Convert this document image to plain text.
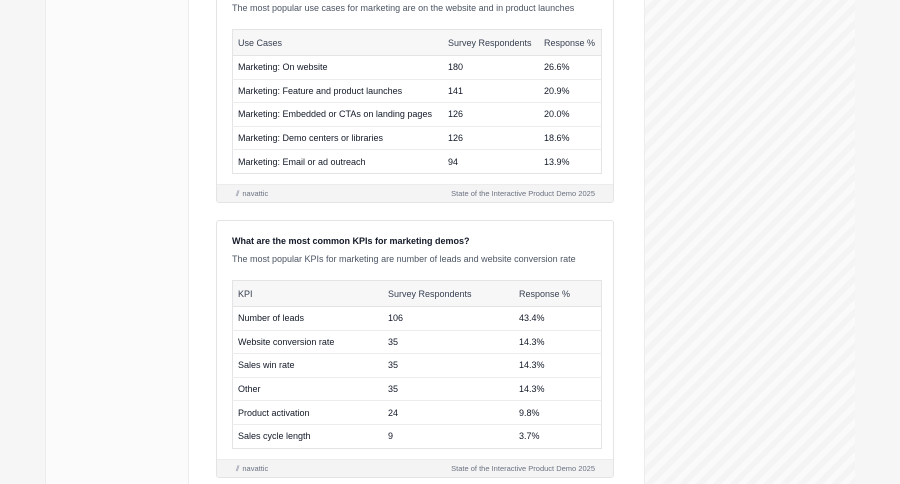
The most popular use cases for marketing are on the website and in product launches

Use Cases	Survey Respondents	Response %
Marketing: On website	180	26.6%
Marketing: Feature and product launches	141	20.9%
Marketing: Embedded or CTAs on landing pages	126	20.0%
Marketing: Demo centers or libraries	126	18.6%
Marketing: Email or ad outreach	94	13.9%
⫽ navattic	State of the Interactive Product Demo 2025

What are the most common KPIs for marketing demos?

The most popular KPIs for marketing are number of leads and website conversion rate

KPI	Survey Respondents	Response %
Number of leads	106	43.4%
Website conversion rate	35	14.3%
Sales win rate	35	14.3%
Other	35	14.3%
Product activation	24	9.8%
Sales cycle length	9	3.7%
⫽ navattic	State of the Interactive Product Demo 2025
